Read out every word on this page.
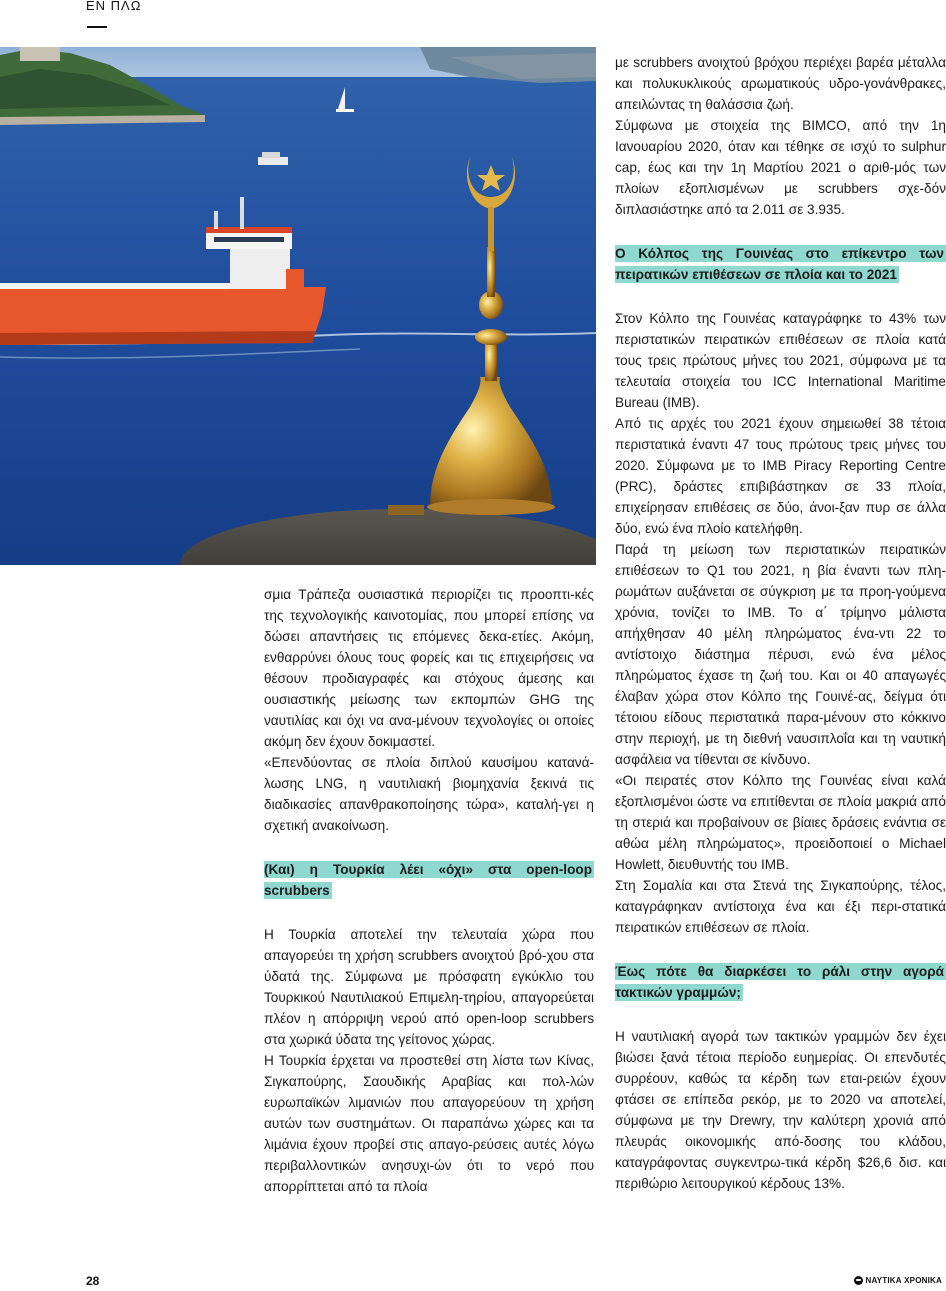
ΕΝ ΠΛΩ

σμια Τράπεζα ουσιαστικά περιορίζει τις προοπτι-κές της τεχνολογικής καινοτομίας, που μπορεί επίσης να δώσει απαντήσεις τις επόμενες δεκα-ετίες. Ακόμη, ενθαρρύνει όλους τους φορείς και τις επιχειρήσεις να θέσουν προδιαγραφές και στόχους άμεσης και ουσιαστικής μείωσης των εκπομπών GHG της ναυτιλίας και όχι να ανα-μένουν τεχνολογίες οι οποίες ακόμη δεν έχουν δοκιμαστεί.

«Επενδύοντας σε πλοία διπλού καυσίμου κατανά-λωσης LNG, η ναυτιλιακή βιομηχανία ξεκινά τις διαδικασίες απανθρακοποίησης τώρα», καταλή-γει η σχετική ανακοίνωση.

(Και) η Τουρκία λέει «όχι» στα open-loop scrubbers

Η Τουρκία αποτελεί την τελευταία χώρα που απαγορεύει τη χρήση scrubbers ανοιχτού βρό-χου στα ύδατά της. Σύμφωνα με πρόσφατη εγκύκλιο του Τουρκικού Ναυτιλιακού Επιμελη-τηρίου, απαγορεύεται πλέον η απόρριψη νερού από open-loop scrubbers στα χωρικά ύδατα της γείτονος χώρας.

Η Τουρκία έρχεται να προστεθεί στη λίστα των Κίνας, Σιγκαπούρης, Σαουδικής Αραβίας και πολ-λών ευρωπαϊκών λιμανιών που απαγορεύουν τη χρήση αυτών των συστημάτων. Οι παραπάνω χώρες και τα λιμάνια έχουν προβεί στις απαγο-ρεύσεις αυτές λόγω περιβαλλοντικών ανησυχι-ών ότι το νερό που απορρίπτεται από τα πλοία

με scrubbers ανοιχτού βρόχου περιέχει βαρέα μέταλλα και πολυκυκλικούς αρωματικούς υδρο-γονάνθρακες, απειλώντας τη θαλάσσια ζωή.

Σύμφωνα με στοιχεία της BIMCO, από την 1η Ιανουαρίου 2020, όταν και τέθηκε σε ισχύ το sulphur cap, έως και την 1η Μαρτίου 2021 ο αριθ-μός των πλοίων εξοπλισμένων με scrubbers σχε-δόν διπλασιάστηκε από τα 2.011 σε 3.935.

Ο Κόλπος της Γουινέας στο επίκεντρο των πειρατικών επιθέσεων σε πλοία και το 2021

Στον Κόλπο της Γουινέας καταγράφηκε το 43% των περιστατικών πειρατικών επιθέσεων σε πλοία κατά τους τρεις πρώτους μήνες του 2021, σύμφωνα με τα τελευταία στοιχεία του ICC International Maritime Bureau (IMB).

Από τις αρχές του 2021 έχουν σημειωθεί 38 τέτοια περιστατικά έναντι 47 τους πρώτους τρεις μήνες του 2020. Σύμφωνα με το IMB Piracy Reporting Centre (PRC), δράστες επιβιβάστηκαν σε 33 πλοία, επιχείρησαν επιθέσεις σε δύο, άνοι-ξαν πυρ σε άλλα δύο, ενώ ένα πλοίο κατελήφθη.

Παρά τη μείωση των περιστατικών πειρατικών επιθέσεων το Q1 του 2021, η βία έναντι των πλη-ρωμάτων αυξάνεται σε σύγκριση με τα προη-γούμενα χρόνια, τονίζει το IMB. Το α΄ τρίμηνο μάλιστα απήχθησαν 40 μέλη πληρώματος ένα-ντι 22 το αντίστοιχο διάστημα πέρυσι, ενώ ένα μέλος πληρώματος έχασε τη ζωή του. Και οι 40 απαγωγές έλαβαν χώρα στον Κόλπο της Γουινέ-ας, δείγμα ότι τέτοιου είδους περιστατικά παρα-μένουν στο κόκκινο στην περιοχή, με τη διεθνή ναυσιπλοΐα και τη ναυτική ασφάλεια να τίθενται σε κίνδυνο.

«Οι πειρατές στον Κόλπο της Γουινέας είναι καλά εξοπλισμένοι ώστε να επιτίθενται σε πλοία μακριά από τη στεριά και προβαίνουν σε βίαιες δράσεις ενάντια σε αθώα μέλη πληρώματος», προειδοποιεί ο Michael Howlett, διευθυντής του IMB.

Στη Σομαλία και στα Στενά της Σιγκαπούρης, τέλος, καταγράφηκαν αντίστοιχα ένα και έξι περι-στατικά πειρατικών επιθέσεων σε πλοία.

Έως πότε θα διαρκέσει το ράλι στην αγορά τακτικών γραμμών;

Η ναυτιλιακή αγορά των τακτικών γραμμών δεν έχει βιώσει ξανά τέτοια περίοδο ευημερίας. Οι επενδυτές συρρέουν, καθώς τα κέρδη των εται-ρειών έχουν φτάσει σε επίπεδα ρεκόρ, με το 2020 να αποτελεί, σύμφωνα με την Drewry, την καλύτερη χρονιά από πλευράς οικονομικής από-δοσης του κλάδου, καταγράφοντας συγκεντρω-τικά κέρδη $26,6 δισ. και περιθώριο λειτουργικού κέρδους 13%.

28	ΝΑΥΤΙΚΑ ΧΡΟΝΙΚΑ
